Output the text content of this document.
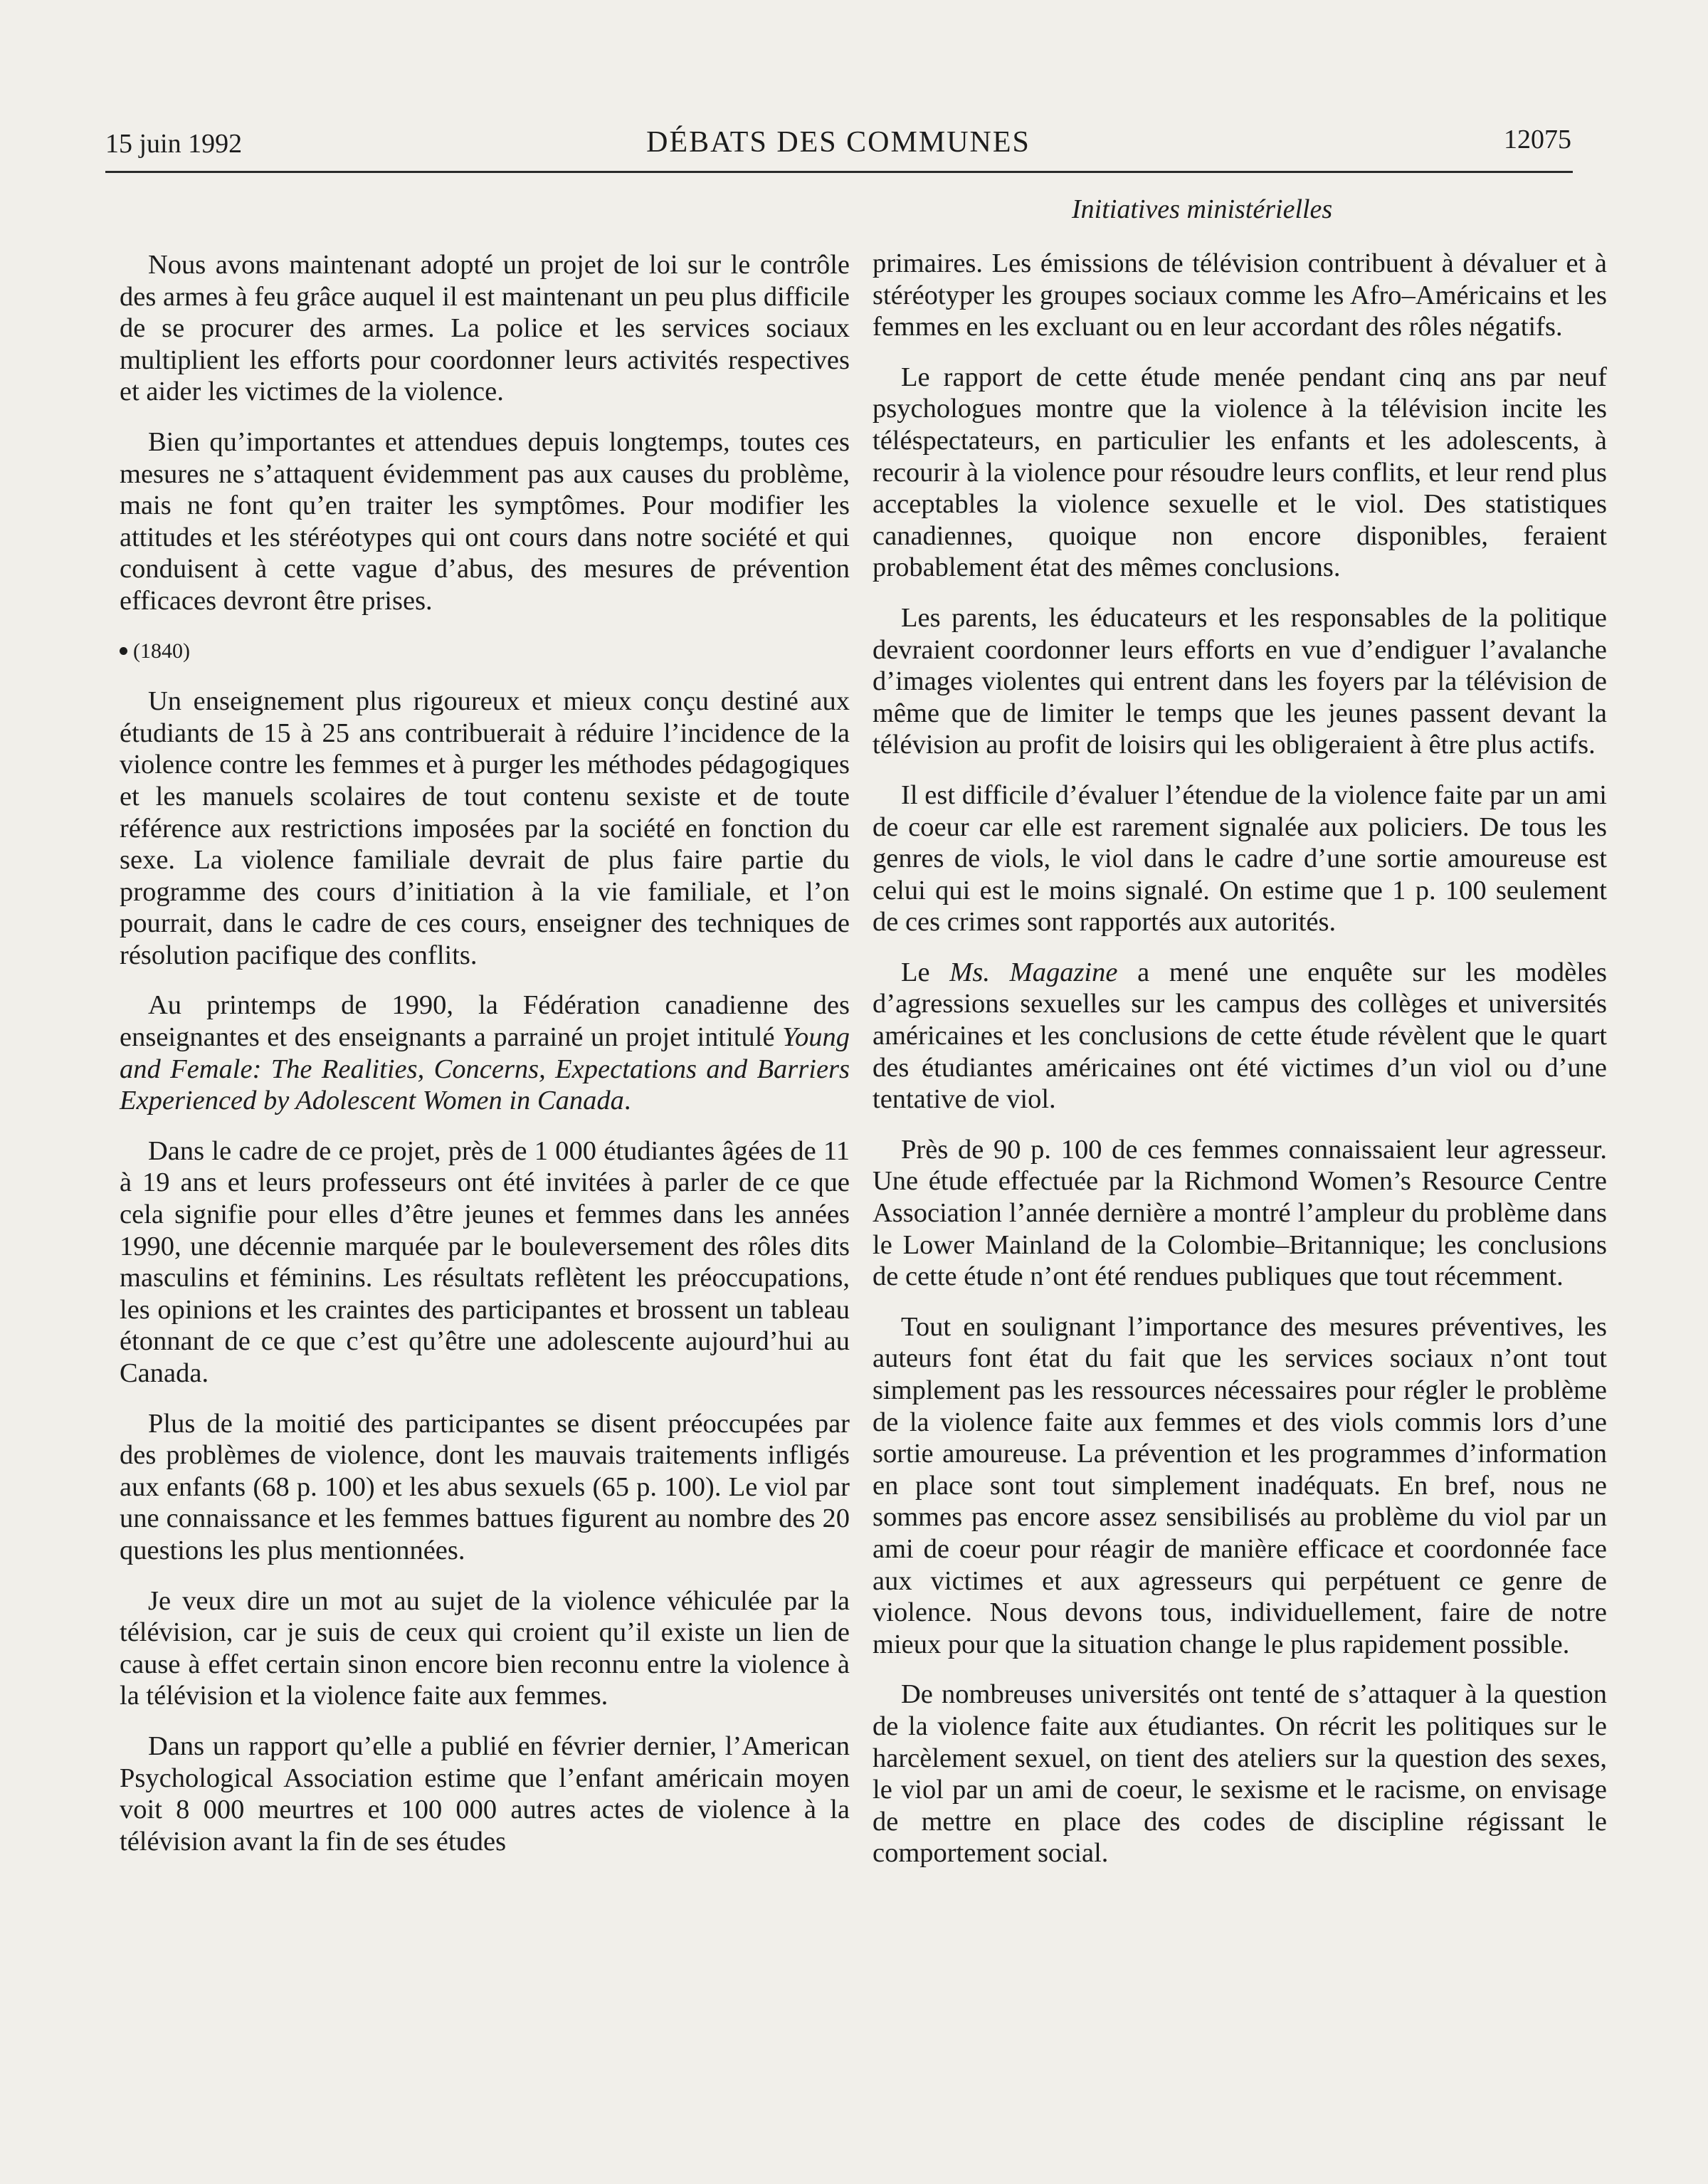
15 juin 1992	DÉBATS DES COMMUNES	12075
Initiatives ministérielles

Nous avons maintenant adopté un projet de loi sur le contrôle des armes à feu grâce auquel il est maintenant un peu plus difficile de se procurer des armes. La police et les services sociaux multiplient les efforts pour coordonner leurs activités respectives et aider les victimes de la violence.

Bien qu’importantes et attendues depuis longtemps, toutes ces mesures ne s’attaquent évidemment pas aux causes du problème, mais ne font qu’en traiter les symptômes. Pour modifier les attitudes et les stéréotypes qui ont cours dans notre société et qui conduisent à cette vague d’abus, des mesures de prévention efficaces devront être prises.

(1840)

Un enseignement plus rigoureux et mieux conçu destiné aux étudiants de 15 à 25 ans contribuerait à réduire l’incidence de la violence contre les femmes et à purger les méthodes pédagogiques et les manuels scolaires de tout contenu sexiste et de toute référence aux restrictions imposées par la société en fonction du sexe. La violence familiale devrait de plus faire partie du programme des cours d’initiation à la vie familiale, et l’on pourrait, dans le cadre de ces cours, enseigner des techniques de résolution pacifique des conflits.

Au printemps de 1990, la Fédération canadienne des enseignantes et des enseignants a parrainé un projet intitulé Young and Female: The Realities, Concerns, Expectations and Barriers Experienced by Adolescent Women in Canada.

Dans le cadre de ce projet, près de 1 000 étudiantes âgées de 11 à 19 ans et leurs professeurs ont été invitées à parler de ce que cela signifie pour elles d’être jeunes et femmes dans les années 1990, une décennie marquée par le bouleversement des rôles dits masculins et féminins. Les résultats reflètent les préoccupations, les opinions et les craintes des participantes et brossent un tableau étonnant de ce que c’est qu’être une adolescente aujourd’hui au Canada.

Plus de la moitié des participantes se disent préoccupées par des problèmes de violence, dont les mauvais traitements infligés aux enfants (68 p. 100) et les abus sexuels (65 p. 100). Le viol par une connaissance et les femmes battues figurent au nombre des 20 questions les plus mentionnées.

Je veux dire un mot au sujet de la violence véhiculée par la télévision, car je suis de ceux qui croient qu’il existe un lien de cause à effet certain sinon encore bien reconnu entre la violence à la télévision et la violence faite aux femmes.

Dans un rapport qu’elle a publié en février dernier, l’American Psychological Association estime que l’enfant américain moyen voit 8 000 meurtres et 100 000 autres actes de violence à la télévision avant la fin de ses études

primaires. Les émissions de télévision contribuent à dévaluer et à stéréotyper les groupes sociaux comme les Afro–Américains et les femmes en les excluant ou en leur accordant des rôles négatifs.

Le rapport de cette étude menée pendant cinq ans par neuf psychologues montre que la violence à la télévision incite les téléspectateurs, en particulier les enfants et les adolescents, à recourir à la violence pour résoudre leurs conflits, et leur rend plus acceptables la violence sexuelle et le viol. Des statistiques canadiennes, quoique non encore disponibles, feraient probablement état des mêmes conclusions.

Les parents, les éducateurs et les responsables de la politique devraient coordonner leurs efforts en vue d’endiguer l’avalanche d’images violentes qui entrent dans les foyers par la télévision de même que de limiter le temps que les jeunes passent devant la télévision au profit de loisirs qui les obligeraient à être plus actifs.

Il est difficile d’évaluer l’étendue de la violence faite par un ami de coeur car elle est rarement signalée aux policiers. De tous les genres de viols, le viol dans le cadre d’une sortie amoureuse est celui qui est le moins signalé. On estime que 1 p. 100 seulement de ces crimes sont rapportés aux autorités.

Le Ms. Magazine a mené une enquête sur les modèles d’agressions sexuelles sur les campus des collèges et universités américaines et les conclusions de cette étude révèlent que le quart des étudiantes américaines ont été victimes d’un viol ou d’une tentative de viol.

Près de 90 p. 100 de ces femmes connaissaient leur agresseur. Une étude effectuée par la Richmond Women’s Resource Centre Association l’année dernière a montré l’ampleur du problème dans le Lower Mainland de la Colombie–Britannique; les conclusions de cette étude n’ont été rendues publiques que tout récemment.

Tout en soulignant l’importance des mesures préventives, les auteurs font état du fait que les services sociaux n’ont tout simplement pas les ressources nécessaires pour régler le problème de la violence faite aux femmes et des viols commis lors d’une sortie amoureuse. La prévention et les programmes d’information en place sont tout simplement inadéquats. En bref, nous ne sommes pas encore assez sensibilisés au problème du viol par un ami de coeur pour réagir de manière efficace et coordonnée face aux victimes et aux agresseurs qui perpétuent ce genre de violence. Nous devons tous, individuellement, faire de notre mieux pour que la situation change le plus rapidement possible.

De nombreuses universités ont tenté de s’attaquer à la question de la violence faite aux étudiantes. On récrit les politiques sur le harcèlement sexuel, on tient des ateliers sur la question des sexes, le viol par un ami de coeur, le sexisme et le racisme, on envisage de mettre en place des codes de discipline régissant le comportement social.
